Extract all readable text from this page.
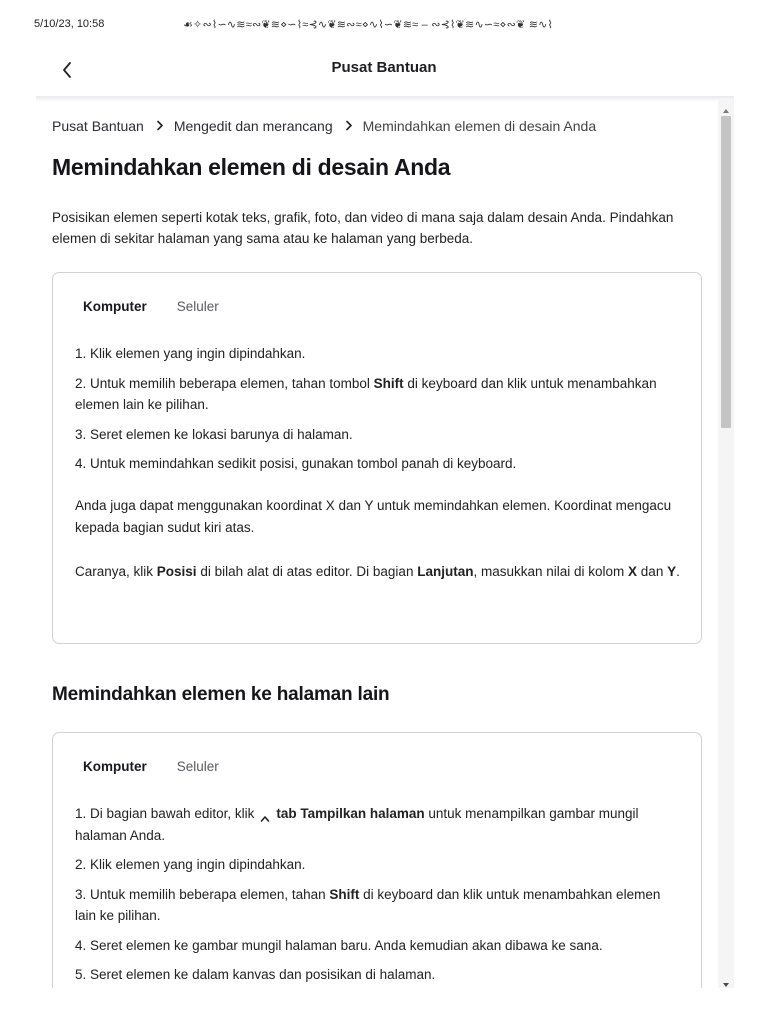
5/10/23, 10:58	☙✧∾⌇∽∿≋≈∾❦≋⋄∽⌇≈⊰∿❦≋∾≈⋄∿⌇∽❦≋≈ – ∾⊰⌇❦≋∿∽≈⋄∾❦ ≋∿⌇
Pusat Bantuan
Pusat Bantuan Mengedit dan merancang Memindahkan elemen di desain Anda
Memindahkan elemen di desain Anda

Posisikan elemen seperti kotak teks, grafik, foto, dan video di mana saja dalam desain Anda. Pindahkan elemen di sekitar halaman yang sama atau ke halaman yang berbeda.

Komputer Seluler
1. Klik elemen yang ingin dipindahkan.
2. Untuk memilih beberapa elemen, tahan tombol Shift di keyboard dan klik untuk menambahkan elemen lain ke pilihan.
3. Seret elemen ke lokasi barunya di halaman.
4. Untuk memindahkan sedikit posisi, gunakan tombol panah di keyboard.

Anda juga dapat menggunakan koordinat X dan Y untuk memindahkan elemen. Koordinat mengacu kepada bagian sudut kiri atas.

Caranya, klik Posisi di bilah alat di atas editor. Di bagian Lanjutan, masukkan nilai di kolom X dan Y.

Memindahkan elemen ke halaman lain
Komputer Seluler
1. Di bagian bawah editor, klik tab Tampilkan halaman untuk menampilkan gambar mungil halaman Anda.
2. Klik elemen yang ingin dipindahkan.
3. Untuk memilih beberapa elemen, tahan Shift di keyboard dan klik untuk menambahkan elemen lain ke pilihan.
4. Seret elemen ke gambar mungil halaman baru. Anda kemudian akan dibawa ke sana.
5. Seret elemen ke dalam kanvas dan posisikan di halaman.
